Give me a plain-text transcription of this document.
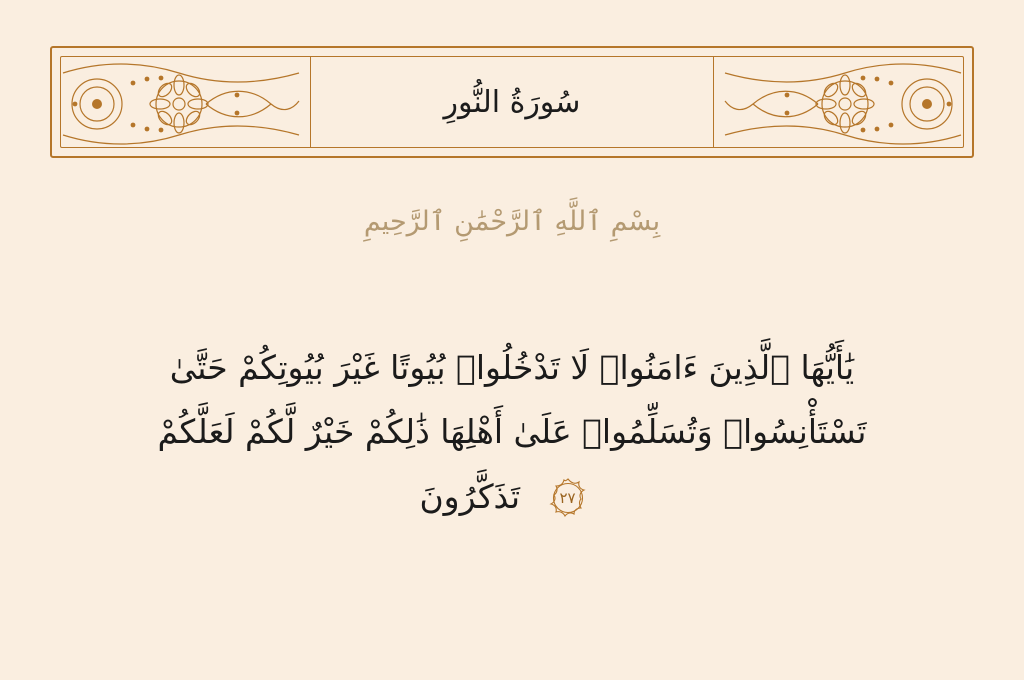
سُورَةُ النُّورِ
بِسْمِ ٱللَّهِ ٱلرَّحْمَٰنِ ٱلرَّحِيمِ
يَٰأَيُّهَا ٱلَّذِينَ ءَامَنُوا۟ لَا تَدْخُلُوا۟ بُيُوتًا غَيْرَ بُيُوتِكُمْ حَتَّىٰ
تَسْتَأْنِسُوا۟ وَتُسَلِّمُوا۟ عَلَىٰ أَهْلِهَا ذَٰلِكُمْ خَيْرٌ لَّكُمْ لَعَلَّكُمْ
٢٧
تَذَكَّرُونَ
